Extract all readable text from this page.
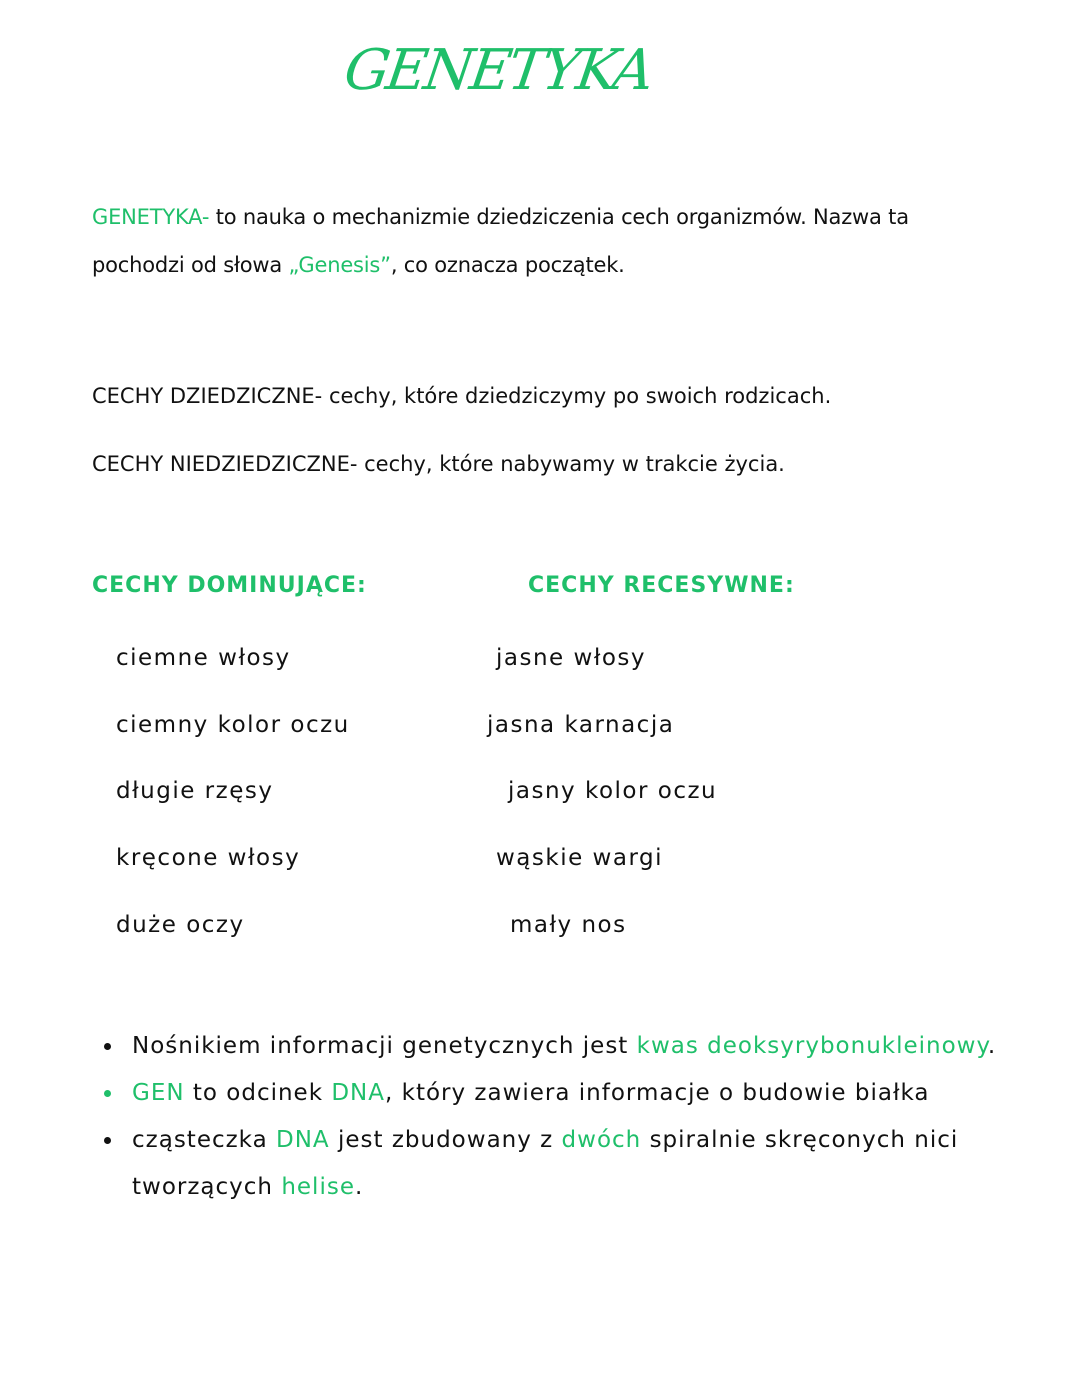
GENETYKA
GENETYKA- to nauka o mechanizmie dziedziczenia cech organizmów. Nazwa ta pochodzi od słowa „Genesis”, co oznacza początek.
CECHY DZIEDZICZNE- cechy, które dziedziczymy po swoich rodzicach.
CECHY NIEDZIEDZICZNE- cechy, które nabywamy w trakcie życia.
CECHY DOMINUJĄCE:	CECHY RECESYWNE:
ciemne włosy
ciemny kolor oczu
długie rzęsy
kręcone włosy
duże oczy
jasne włosy
jasna karnacja
jasny kolor oczu
wąskie wargi
mały nos
Nośnikiem informacji genetycznych jest kwas deoksyrybonukleinowy.
GEN to odcinek DNA, który zawiera informacje o budowie białka
cząsteczka DNA jest zbudowany z dwóch spiralnie skręconych nici tworzących helise.
